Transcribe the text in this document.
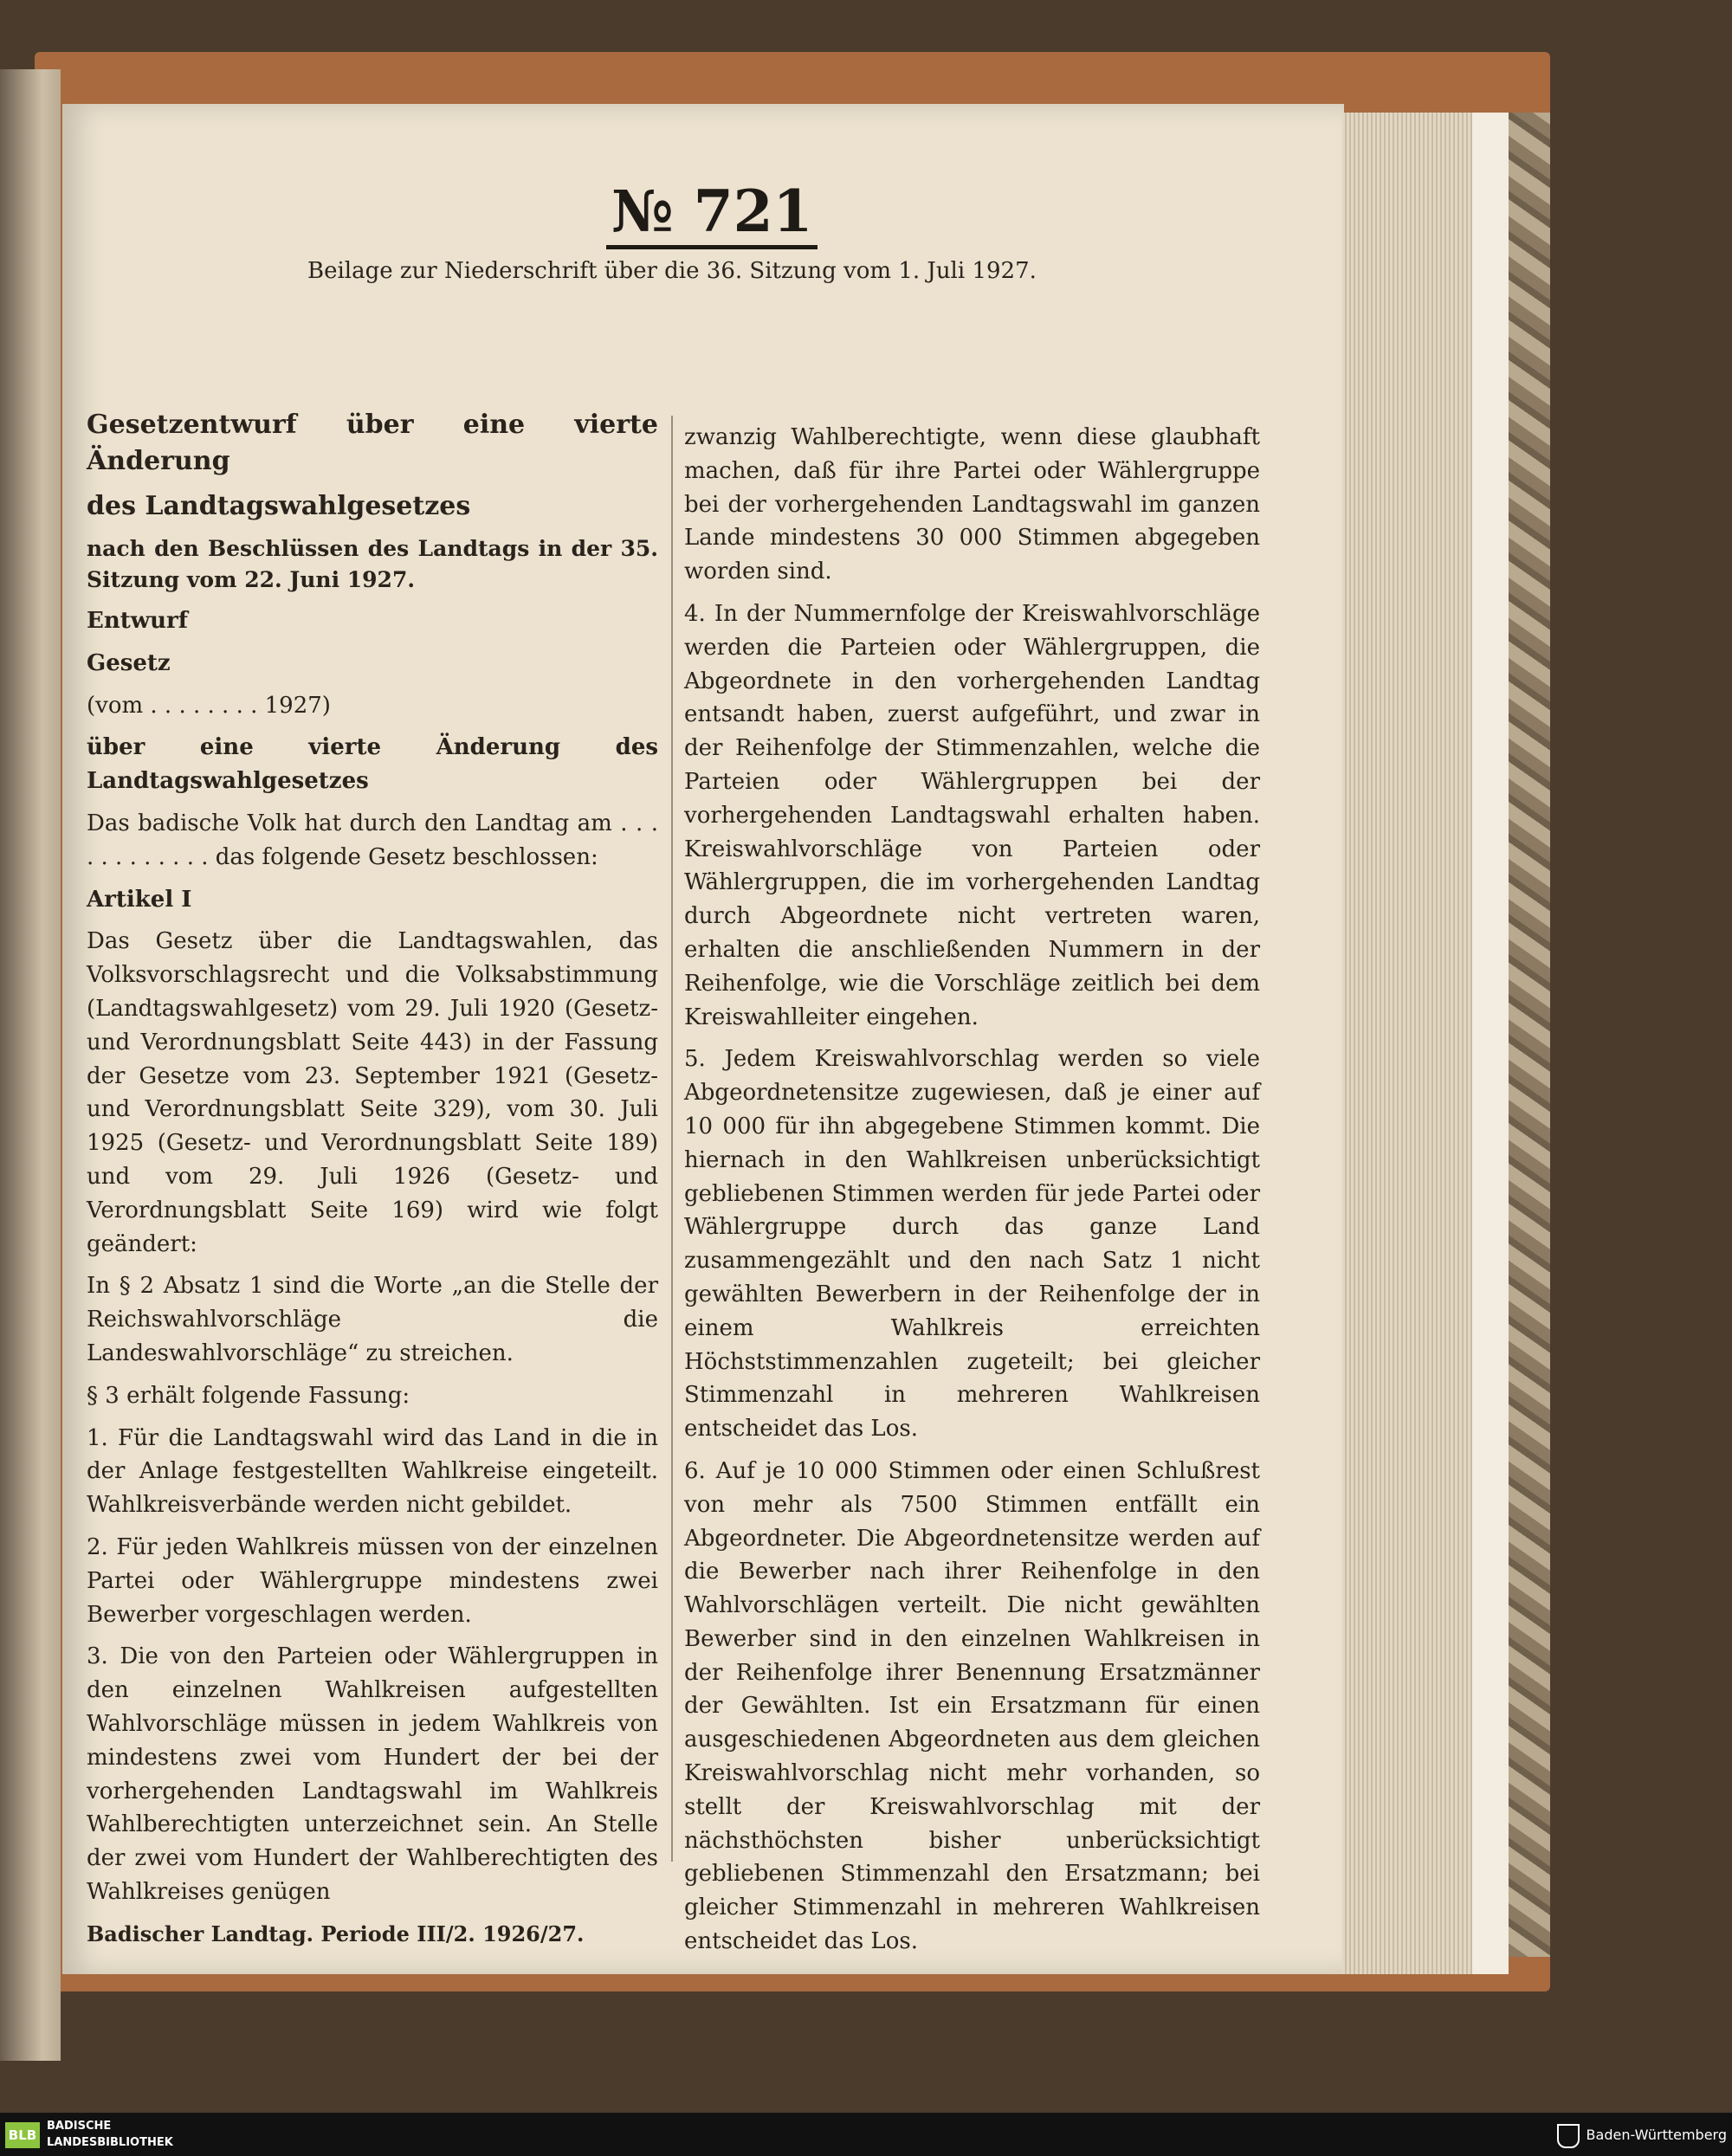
№ 721
Beilage zur Niederschrift über die 36. Sitzung vom 1. Juli 1927.

Gesetzentwurf über eine vierte Änderung

des Landtagswahlgesetzes

nach den Beschlüssen des Landtags in der 35. Sitzung vom 22. Juni 1927.

Entwurf

Gesetz

(vom . . . . . . . . 1927)

über eine vierte Änderung des Landtagswahlgesetzes

Das badische Volk hat durch den Landtag am . . . . . . . . . . . . das folgende Gesetz beschlossen:

Artikel I

Das Gesetz über die Landtagswahlen, das Volksvorschlagsrecht und die Volksabstimmung (Landtagswahlgesetz) vom 29. Juli 1920 (Gesetz- und Verordnungsblatt Seite 443) in der Fassung der Gesetze vom 23. September 1921 (Gesetz- und Verordnungsblatt Seite 329), vom 30. Juli 1925 (Gesetz- und Verordnungsblatt Seite 189) und vom 29. Juli 1926 (Gesetz- und Verordnungsblatt Seite 169) wird wie folgt geändert:

In § 2 Absatz 1 sind die Worte „an die Stelle der Reichswahlvorschläge die Landeswahlvorschläge“ zu streichen.

§ 3 erhält folgende Fassung:

1. Für die Landtagswahl wird das Land in die in der Anlage festgestellten Wahlkreise eingeteilt. Wahlkreisverbände werden nicht gebildet.

2. Für jeden Wahlkreis müssen von der einzelnen Partei oder Wählergruppe mindestens zwei Bewerber vorgeschlagen werden.

3. Die von den Parteien oder Wählergruppen in den einzelnen Wahlkreisen aufgestellten Wahlvorschläge müssen in jedem Wahlkreis von mindestens zwei vom Hundert der bei der vorhergehenden Landtagswahl im Wahlkreis Wahlberechtigten unterzeichnet sein. An Stelle der zwei vom Hundert der Wahlberechtigten des Wahlkreises genügen

Badischer Landtag. Periode III/2. 1926/27.

zwanzig Wahlberechtigte, wenn diese glaubhaft machen, daß für ihre Partei oder Wählergruppe bei der vorhergehenden Landtagswahl im ganzen Lande mindestens 30 000 Stimmen abgegeben worden sind.

4. In der Nummernfolge der Kreiswahlvorschläge werden die Parteien oder Wählergruppen, die Abgeordnete in den vorhergehenden Landtag entsandt haben, zuerst aufgeführt, und zwar in der Reihenfolge der Stimmenzahlen, welche die Parteien oder Wählergruppen bei der vorhergehenden Landtagswahl erhalten haben. Kreiswahlvorschläge von Parteien oder Wählergruppen, die im vorhergehenden Landtag durch Abgeordnete nicht vertreten waren, erhalten die anschließenden Nummern in der Reihenfolge, wie die Vorschläge zeitlich bei dem Kreiswahlleiter eingehen.

5. Jedem Kreiswahlvorschlag werden so viele Abgeordnetensitze zugewiesen, daß je einer auf 10 000 für ihn abgegebene Stimmen kommt. Die hiernach in den Wahlkreisen unberücksichtigt gebliebenen Stimmen werden für jede Partei oder Wählergruppe durch das ganze Land zusammengezählt und den nach Satz 1 nicht gewählten Bewerbern in der Reihenfolge der in einem Wahlkreis erreichten Höchststimmenzahlen zugeteilt; bei gleicher Stimmenzahl in mehreren Wahlkreisen entscheidet das Los.

6. Auf je 10 000 Stimmen oder einen Schlußrest von mehr als 7500 Stimmen entfällt ein Abgeordneter. Die Abgeordnetensitze werden auf die Bewerber nach ihrer Reihenfolge in den Wahlvorschlägen verteilt. Die nicht gewählten Bewerber sind in den einzelnen Wahlkreisen in der Reihenfolge ihrer Benennung Ersatzmänner der Gewählten. Ist ein Ersatzmann für einen ausgeschiedenen Abgeordneten aus dem gleichen Kreiswahlvorschlag nicht mehr vorhanden, so stellt der Kreiswahlvorschlag mit der nächsthöchsten bisher unberücksichtigt gebliebenen Stimmenzahl den Ersatzmann; bei gleicher Stimmenzahl in mehreren Wahlkreisen entscheidet das Los.

BLB
BADISCHE
LANDESBIBLIOTHEK	Baden-Württemberg
